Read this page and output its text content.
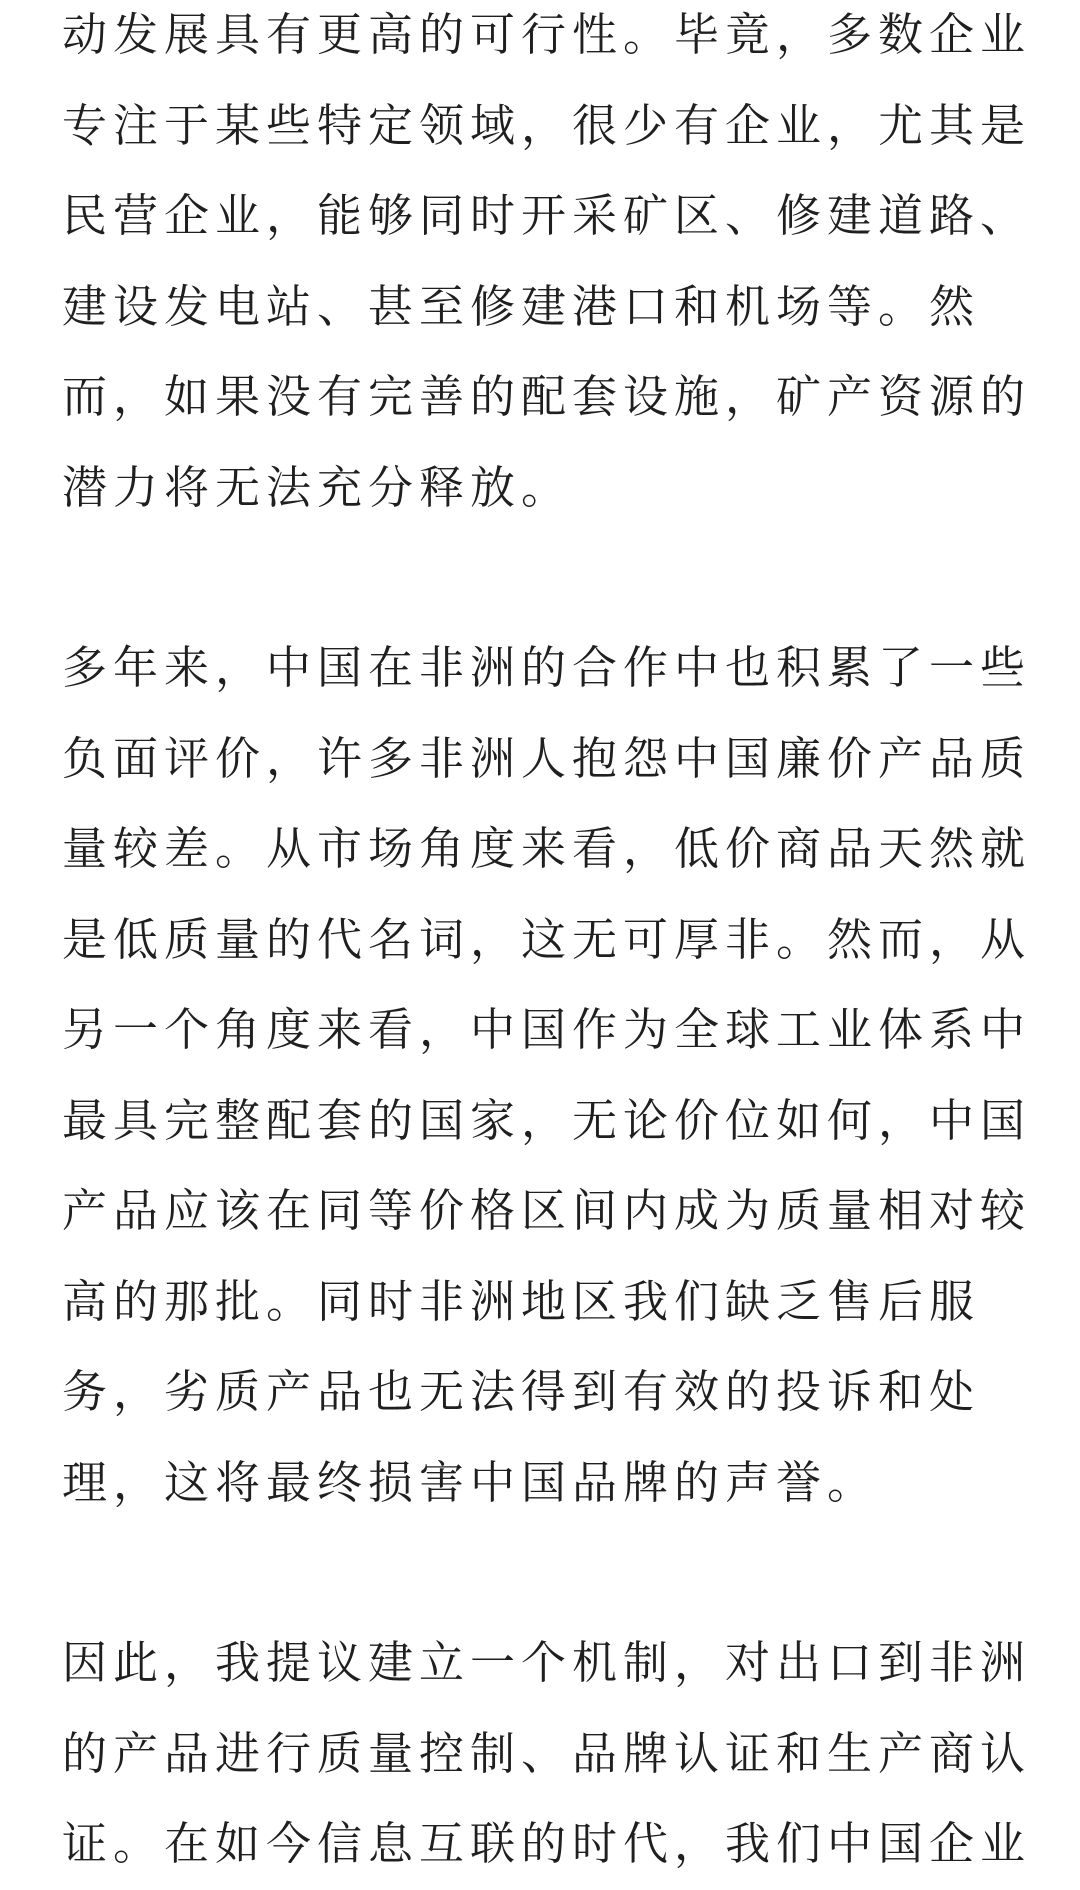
动发展具有更高的可行性。毕竟，多数企业
专注于某些特定领域，很少有企业，尤其是
民营企业，能够同时开采矿区、修建道路、
建设发电站、甚至修建港口和机场等。然
而，如果没有完善的配套设施，矿产资源的
潜力将无法充分释放。

多年来，中国在非洲的合作中也积累了一些
负面评价，许多非洲人抱怨中国廉价产品质
量较差。从市场角度来看，低价商品天然就
是低质量的代名词，这无可厚非。然而，从
另一个角度来看，中国作为全球工业体系中
最具完整配套的国家，无论价位如何，中国
产品应该在同等价格区间内成为质量相对较
高的那批。同时非洲地区我们缺乏售后服
务，劣质产品也无法得到有效的投诉和处
理，这将最终损害中国品牌的声誉。

因此，我提议建立一个机制，对出口到非洲
的产品进行质量控制、品牌认证和生产商认
证。在如今信息互联的时代，我们中国企业
